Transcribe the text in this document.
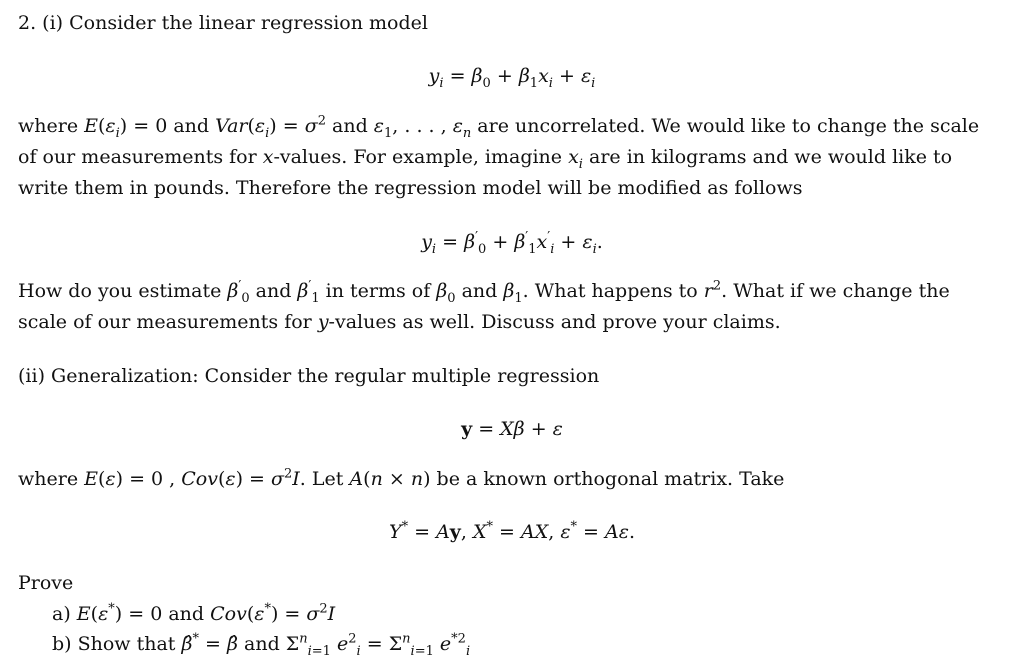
2. (i) Consider the linear regression model
$y_i = \beta_0 + \beta_1x_i + \varepsilon_i$

where $E(\varepsilon_i) = 0$ and $Var(\varepsilon_i) = \sigma^2$ and $\varepsilon_1$, . . . , $\varepsilon_n$ are uncorrelated. We would like to change the scale of our measurements for x-values. For example, imagine $x_i$ are in kilograms and we would like to write them in pounds. Therefore the regression model will be modified as follows

$y_i = \beta'_0 + \beta'_1x'_i + \varepsilon_i$.

How do you estimate $\beta'_0$ and $\beta'_1$ in terms of $\beta_0$ and $\beta_1$. What happens to $r^2$. What if we change the scale of our measurements for y-values as well. Discuss and prove your claims.

(ii) Generalization: Consider the regular multiple regression
y = Xβ + ε

where E(ε) = 0 , $Cov(\varepsilon) = \sigma^2I$. Let A(n × n) be a known orthogonal matrix. Take

Y* = Ay, X* = AX, ε* = Aε.
Prove
a) E(ε*) = 0 and $Cov(\varepsilon^*) = \sigma^2I$
b) Show that β̂* = β̂ and $\Sigma^n_{i=1}$ $e^2_i = \Sigma^n_{i=1}$ $e^{*2}_i$
